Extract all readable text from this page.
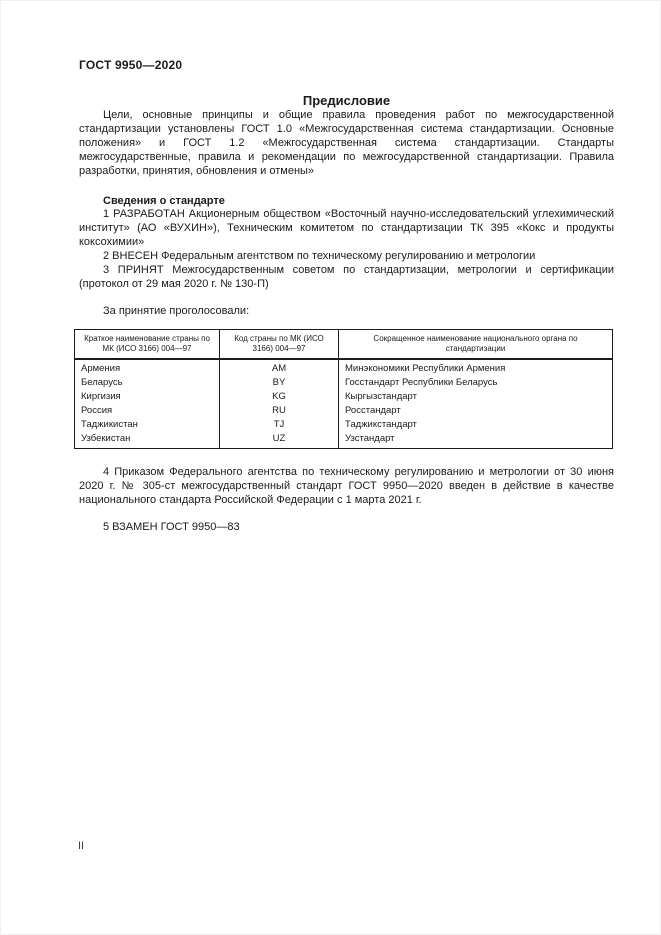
ГОСТ 9950—2020
Предисловие

Цели, основные принципы и общие правила проведения работ по межгосударственной стандартизации установлены ГОСТ 1.0 «Межгосударственная система стандартизации. Основные положения» и ГОСТ 1.2 «Межгосударственная система стандартизации. Стандарты межгосударственные, правила и рекомендации по межгосударственной стандартизации. Правила разработки, принятия, обновления и отмены»

Сведения о стандарте

1 РАЗРАБОТАН Акционерным обществом «Восточный научно-исследовательский углехимический институт» (АО «ВУХИН»), Техническим комитетом по стандартизации ТК 395 «Кокс и продукты коксохимии»

2 ВНЕСЕН Федеральным агентством по техническому регулированию и метрологии

3 ПРИНЯТ Межгосударственным советом по стандартизации, метрологии и сертификации (протокол от 29 мая 2020 г. № 130-П)

За принятие проголосовали:

Краткое наименование страны по МК (ИСО 3166) 004—97	Код страны по МК (ИСО 3166) 004—97	Сокращенное наименование национального органа по стандартизации
Армения	AM	Минэкономики Республики Армения
Беларусь	BY	Госстандарт Республики Беларусь
Киргизия	KG	Кыргызстандарт
Россия	RU	Росстандарт
Таджикистан	TJ	Таджикстандарт
Узбекистан	UZ	Узстандарт

4 Приказом Федерального агентства по техническому регулированию и метрологии от 30 июня 2020 г. № 305-ст межгосударственный стандарт ГОСТ 9950—2020 введен в действие в качестве национального стандарта Российской Федерации с 1 марта 2021 г.

5 ВЗАМЕН ГОСТ 9950—83

II
